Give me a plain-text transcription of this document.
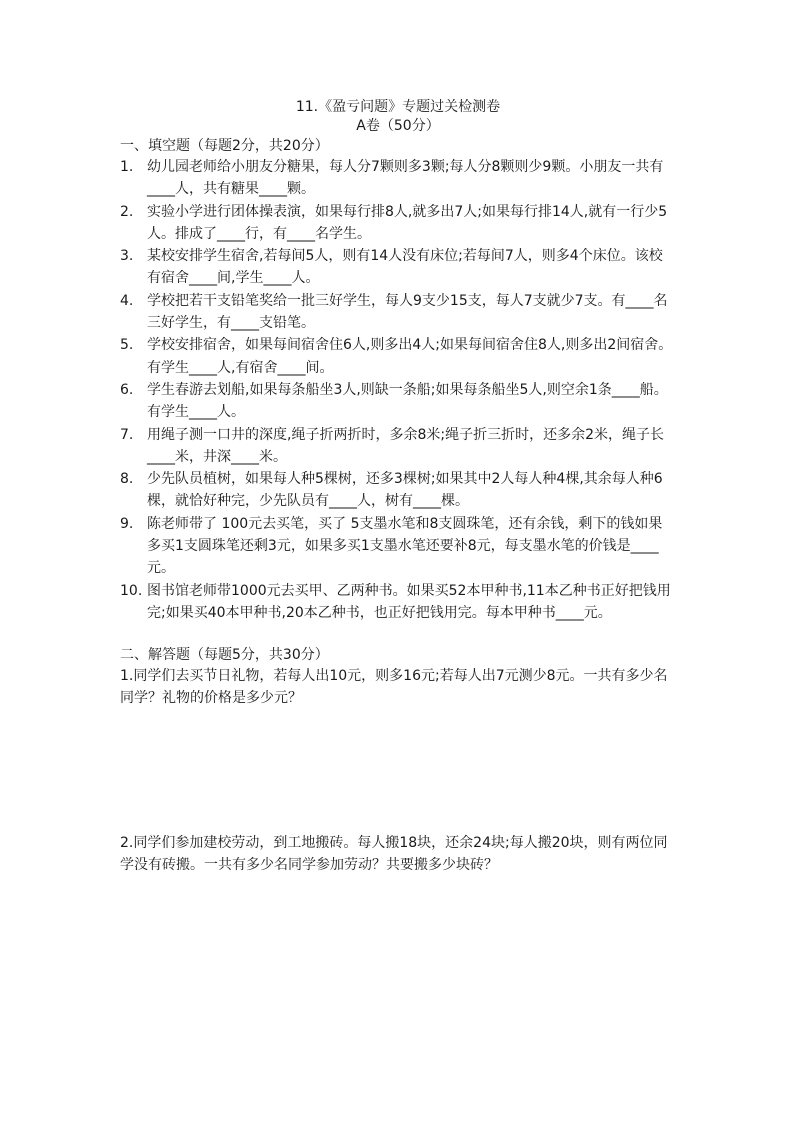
11.《盈亏问题》专题过关检测卷

A卷（50分）

一、填空题（每题2分，共20分）

1. 幼儿园老师给小朋友分糖果，每人分7颗则多3颗;每人分8颗则少9颗。小朋友一共有____人，共有糖果____颗。
2. 实验小学进行团体操表演，如果每行排8人,就多出7人;如果每行排14人,就有一行少5人。排成了____行，有____名学生。
3. 某校安排学生宿舍,若每间5人，则有14人没有床位;若每间7人，则多4个床位。该校有宿舍____间,学生____人。
4. 学校把若干支铅笔奖给一批三好学生，每人9支少15支，每人7支就少7支。有____名三好学生，有____支铅笔。
5. 学校安排宿舍，如果每间宿舍住6人,则多出4人;如果每间宿舍住8人,则多出2间宿舍。有学生____人,有宿舍____间。
6. 学生春游去划船,如果每条船坐3人,则缺一条船;如果每条船坐5人,则空余1条____船。有学生____人。
7. 用绳子测一口井的深度,绳子折两折时，多余8米;绳子折三折时，还多余2米，绳子长____米，井深____米。
8. 少先队员植树，如果每人种5棵树，还多3棵树;如果其中2人每人种4棵,其余每人种6棵，就恰好种完，少先队员有____人，树有____棵。
9. 陈老师带了 100元去买笔，买了 5支墨水笔和8支圆珠笔，还有余钱，剩下的钱如果多买1支圆珠笔还剩3元，如果多买1支墨水笔还要补8元，每支墨水笔的价钱是____元。
10. 图书馆老师带1000元去买甲、乙两种书。如果买52本甲种书,11本乙种书正好把钱用完;如果买40本甲种书,20本乙种书，也正好把钱用完。每本甲种书____元。

二、解答题（每题5分，共30分）

1.同学们去买节日礼物，若每人出10元，则多16元;若每人出7元测少8元。一共有多少名同学？礼物的价格是多少元？

2.同学们参加建校劳动，到工地搬砖。每人搬18块，还余24块;每人搬20块，则有两位同学没有砖搬。一共有多少名同学参加劳动？共要搬多少块砖？
